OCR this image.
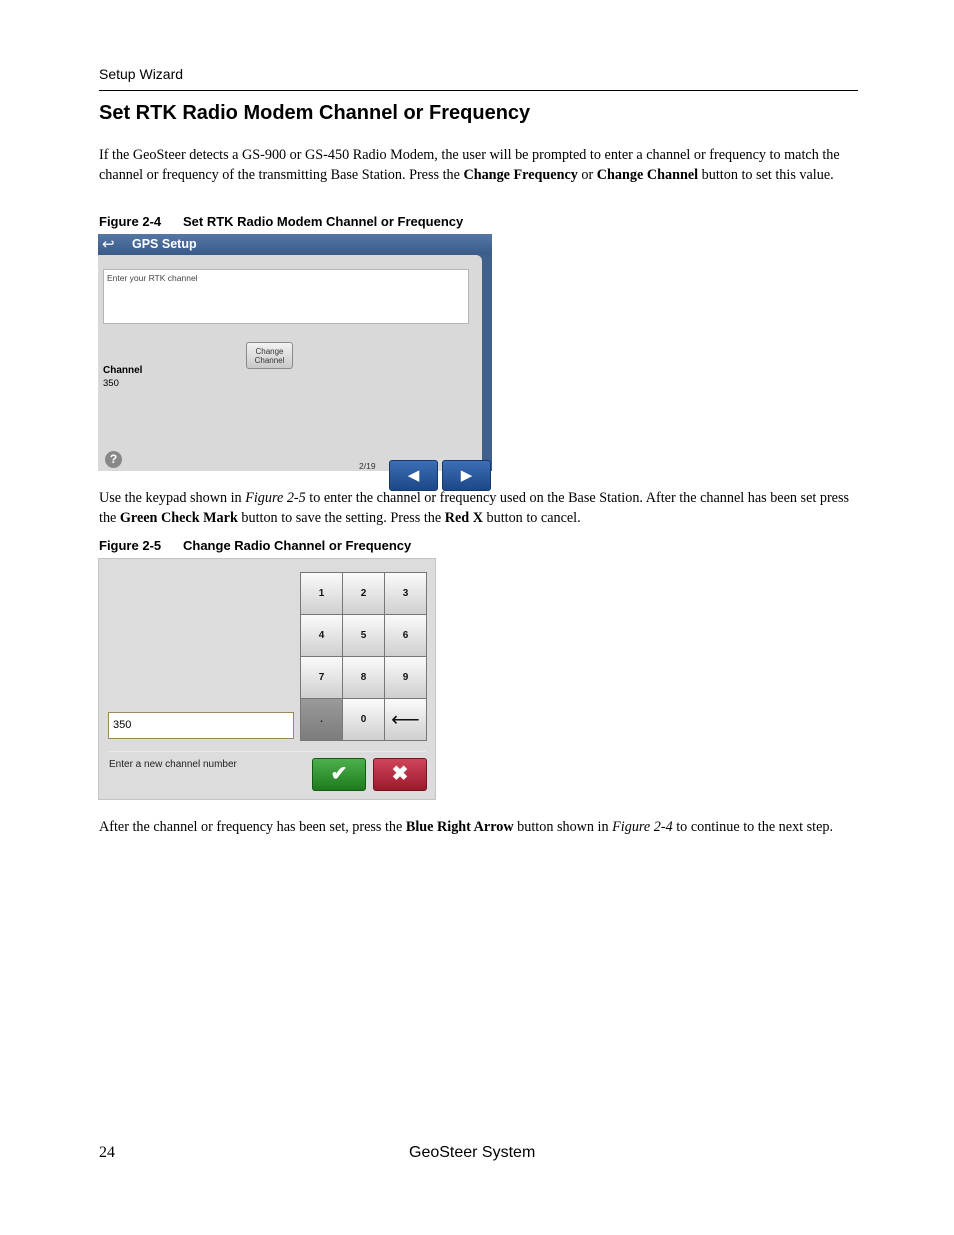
Setup Wizard
Set RTK Radio Modem Channel or Frequency

If the GeoSteer detects a GS-900 or GS-450 Radio Modem, the user will be prompted to enter a channel or frequency to match the channel or frequency of the transmitting Base Station. Press the Change Frequency or Change Channel button to set this value.

Figure 2-4 Set RTK Radio Modem Channel or Frequency
↩ GPS Setup
Enter your RTK channel
Channel
350
Change
Channel
?	2/19
◀	▶

Use the keypad shown in Figure 2-5 to enter the channel or frequency used on the Base Station. After the channel has been set press the Green Check Mark button to save the setting. Press the Red X button to cancel.

Figure 2-5 Change Radio Channel or Frequency
1	2	3
4	5	6
7	8	9
.	0	⟵
350
Enter a new channel number	✔	✖

After the channel or frequency has been set, press the Blue Right Arrow button shown in Figure 2-4 to continue to the next step.

24	GeoSteer System
